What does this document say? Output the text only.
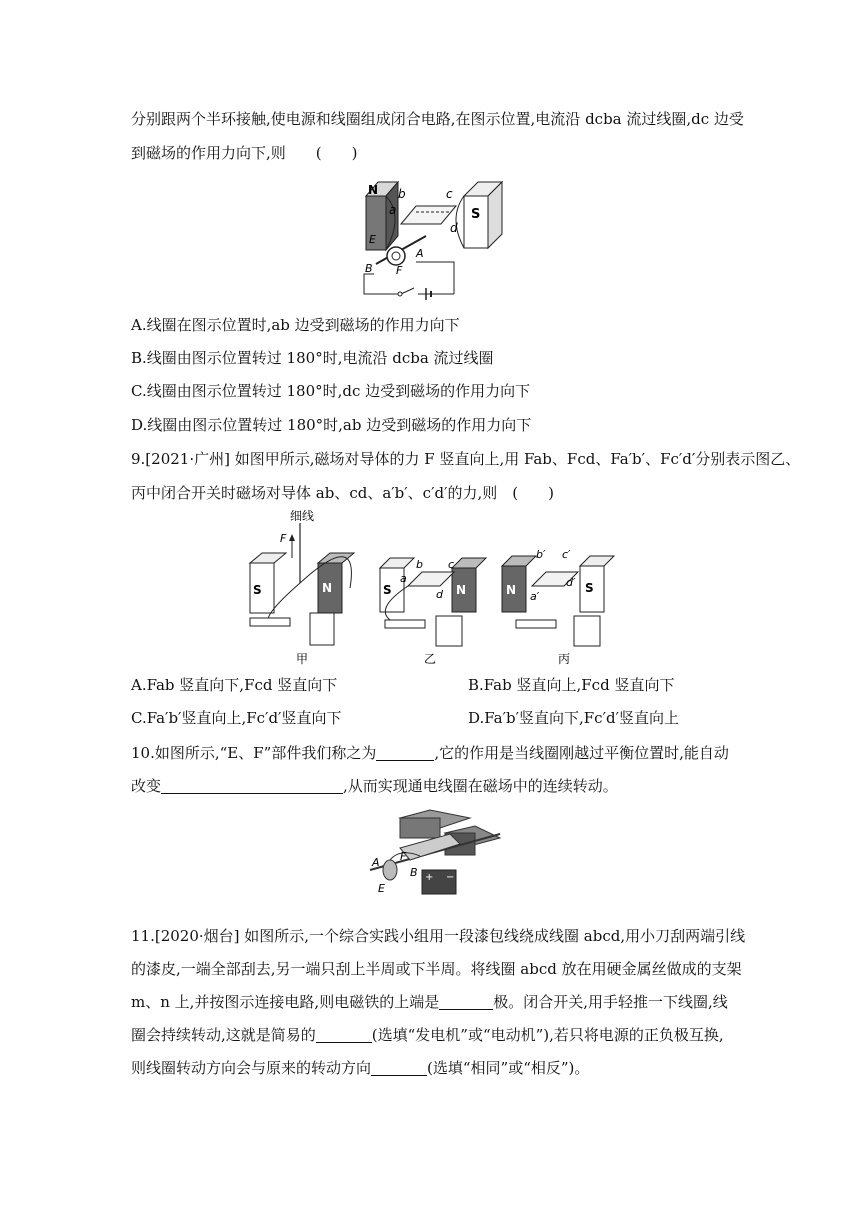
分别跟两个半环接触,使电源和线圈组成闭合电路,在图示位置,电流沿 dcba 流过线圈,dc 边受
到磁场的作用力向下,则　　(　　)
N
S
a
b	c
d
E
A
B F
A.线圈在图示位置时,ab 边受到磁场的作用力向下
B.线圈由图示位置转过 180°时,电流沿 dcba 流过线圈
C.线圈由图示位置转过 180°时,dc 边受到磁场的作用力向下
D.线圈由图示位置转过 180°时,ab 边受到磁场的作用力向下
9.[2021·广州] 如图甲所示,磁场对导体的力 F 竖直向上,用 Fab、Fcd、Fa′b′、Fc′d′分别表示图乙、
丙中闭合开关时磁场对导体 ab、cd、a′b′、c′d′的力,则　(　　)
S	N
细线
F
甲
S	N
a
b c
d
乙
N	S
a′
b′ c′
d′
丙
A.Fab 竖直向下,Fcd 竖直向下	B.Fab 竖直向上,Fcd 竖直向下
C.Fa′b′竖直向上,Fc′d′竖直向下	D.Fa′b′竖直向下,Fc′d′竖直向上
10.如图所示,“E、F”部件我们称之为	,它的作用是当线圈刚越过平衡位置时,能自动
改变	,从而实现通电线圈在磁场中的连续转动。
A F
B
E
+ −
11.[2020·烟台] 如图所示,一个综合实践小组用一段漆包线绕成线圈 abcd,用小刀刮两端引线
的漆皮,一端全部刮去,另一端只刮上半周或下半周。将线圈 abcd 放在用硬金属丝做成的支架
m、n 上,并按图示连接电路,则电磁铁的上端是	极。闭合开关,用手轻推一下线圈,线
圈会持续转动,这就是简易的	(选填“发电机”或“电动机”),若只将电源的正负极互换,
则线圈转动方向会与原来的转动方向	(选填“相同”或“相反”)。
